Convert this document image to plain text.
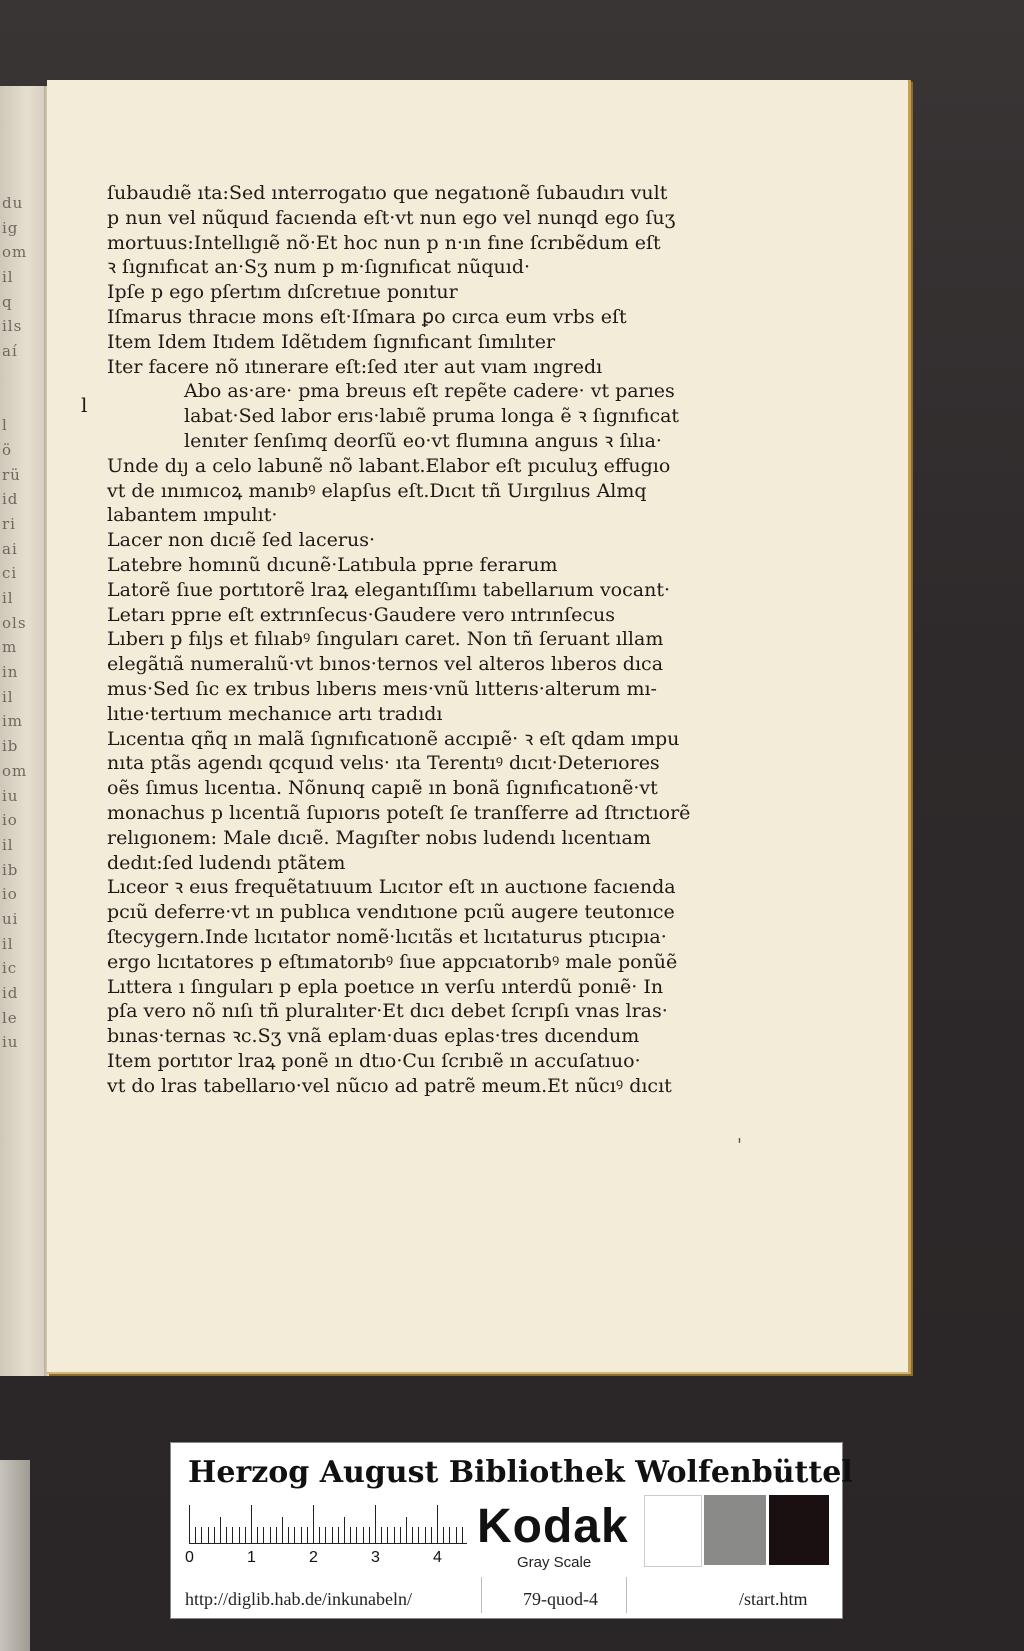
du
ig
om
il
q
ils
aí
l
ö
rü
id
ri
ai
ci
il
ols
m
in
il
im
ib
om
iu
io
il
ib
io
ui
il
ic
id
le
iu
l
ſubaudıẽ ıta:Sed ınterrogatıo que negatıonẽ ſubaudırı vult
p nun vel nũquıd facıenda eſt·vt nun ego vel nunqd ego ſuʒ
mortuus:Intellıgıẽ nõ·Et hoc nun p n·ın fıne ſcrıbẽdum eſt
ꝛ ſıgnıfıcat an·Sʒ num p m·ſıgnıfıcat nũquıd·
Ipſe p ego pſertım dıſcretıue ponıtur
Iſmarus thracıe mons eſt·Iſmara ꝑo cırca eum vrbs eſt
Item Idem Itıdem Idẽtıdem ſıgnıfıcant ſımılıter
Iter facere nõ ıtınerare eſt:ſed ıter aut vıam ıngredı
Abo as·are· pma breuıs eſt repẽte cadere· vt parıes
labat·Sed labor erıs·labıẽ pruma longa ẽ ꝛ ſıgnıfıcat
lenıter ſenſımq deorſũ eo·vt flumına anguıs ꝛ ſılıa·
Unde dıȷ a celo labunẽ nõ labant.Elabor eſt pıculuʒ effugıo
vt de ınımıcoꝝ manıbꝰ elapſus eſt.Dıcıt tñ Uırgılıus Almq
labantem ımpulıt·
Lacer non dıcıẽ ſed lacerus·
Latebre homınũ dıcunẽ·Latıbula pprıe ferarum
Latorẽ ſıue portıtorẽ lraꝝ elegantıſſımı tabellarıum vocant·
Letarı pprıe eſt extrınſecus·Gaudere vero ıntrınſecus
Lıberı p fılȷs et fılıabꝰ ſınguları caret. Non tñ ſeruant ıllam
elegãtıã numeralıũ·vt bınos·ternos vel alteros lıberos dıca
mus·Sed ſıc ex trıbus lıberıs meıs·vnũ lıtterıs·alterum mı-
lıtıe·tertıum mechanıce artı tradıdı
Lıcentıa qñq ın malã ſıgnıfıcatıonẽ accıpıẽ· ꝛ eſt qdam ımpu
nıta ptãs agendı qcquıd velıs· ıta Terentıꝰ dıcıt·Deterıores
oẽs ſımus lıcentıa. Nõnunq capıẽ ın bonã ſıgnıfıcatıonẽ·vt
monachus p lıcentıã ſupıorıs poteſt ſe tranſferre ad ſtrıctıorẽ
relıgıonem: Male dıcıẽ. Magıſter nobıs ludendı lıcentıam
dedıt:ſed ludendı ptãtem
Lıceor ꝛ eıus frequẽtatıuum Lıcıtor eſt ın auctıone facıenda
pcıũ deferre·vt ın publıca vendıtıone pcıũ augere teutonıce
ſtecygern.Inde lıcıtator nomẽ·lıcıtãs et lıcıtaturus ptıcıpıa·
ergo lıcıtatores p eſtımatorıbꝰ ſıue appcıatorıbꝰ male ponũẽ
Lıttera ı ſınguları p epla poetıce ın verſu ınterdũ ponıẽ· In
pſa vero nõ nıſı tñ pluralıter·Et dıcı debet ſcrıpſı vnas lras·
bınas·ternas ꝛc.Sʒ vnã eplam·duas eplas·tres dıcendum
Item portıtor lraꝝ ponẽ ın dtıo·Cuı ſcrıbıẽ ın accuſatıuo·
vt do lras tabellarıo·vel nũcıo ad patrẽ meum.Et nũcıꝰ dıcıt
'
Herzog August Bibliothek Wolfenbüttel
0	1	2	3	4
Kodak
Gray Scale
http://diglib.hab.de/inkunabeln/	79-quod-4	/start.htm
